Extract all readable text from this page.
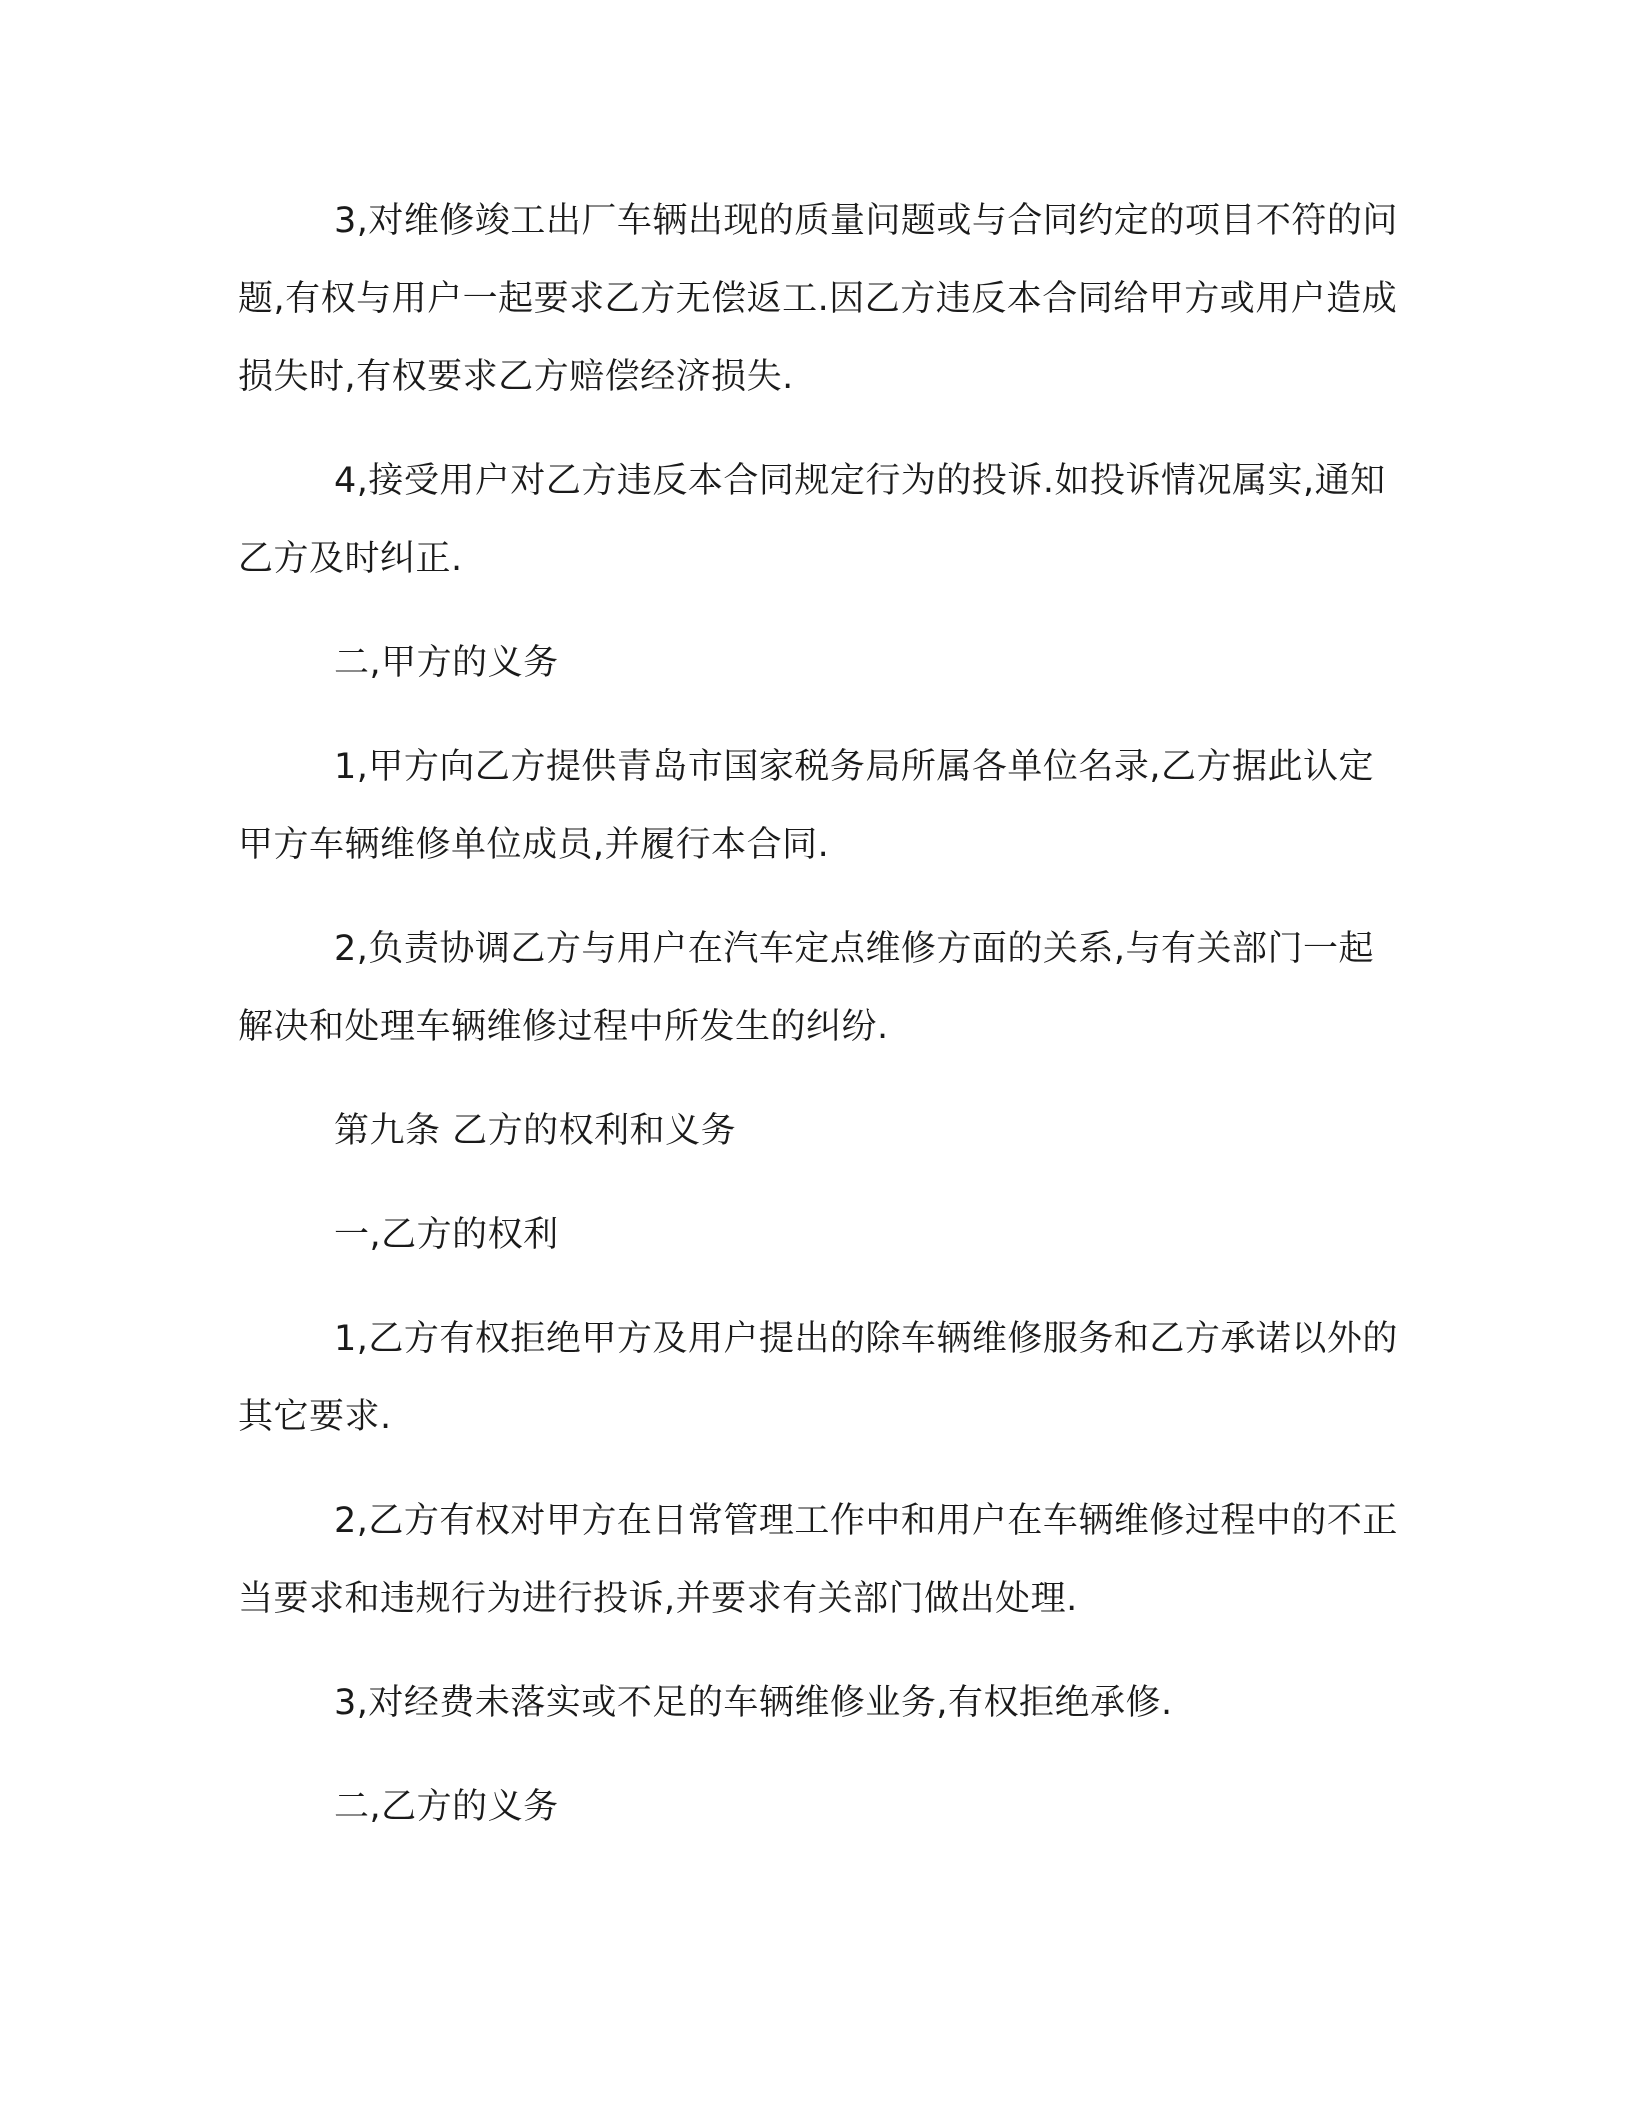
3,对维修竣工出厂车辆出现的质量问题或与合同约定的项目不符的问题,有权与用户一起要求乙方无偿返工.因乙方违反本合同给甲方或用户造成损失时,有权要求乙方赔偿经济损失.

4,接受用户对乙方违反本合同规定行为的投诉.如投诉情况属实,通知乙方及时纠正.

二,甲方的义务

1,甲方向乙方提供青岛市国家税务局所属各单位名录,乙方据此认定甲方车辆维修单位成员,并履行本合同.

2,负责协调乙方与用户在汽车定点维修方面的关系,与有关部门一起解决和处理车辆维修过程中所发生的纠纷.

第九条 乙方的权利和义务

一,乙方的权利

1,乙方有权拒绝甲方及用户提出的除车辆维修服务和乙方承诺以外的其它要求.

2,乙方有权对甲方在日常管理工作中和用户在车辆维修过程中的不正当要求和违规行为进行投诉,并要求有关部门做出处理.

3,对经费未落实或不足的车辆维修业务,有权拒绝承修.

二,乙方的义务
